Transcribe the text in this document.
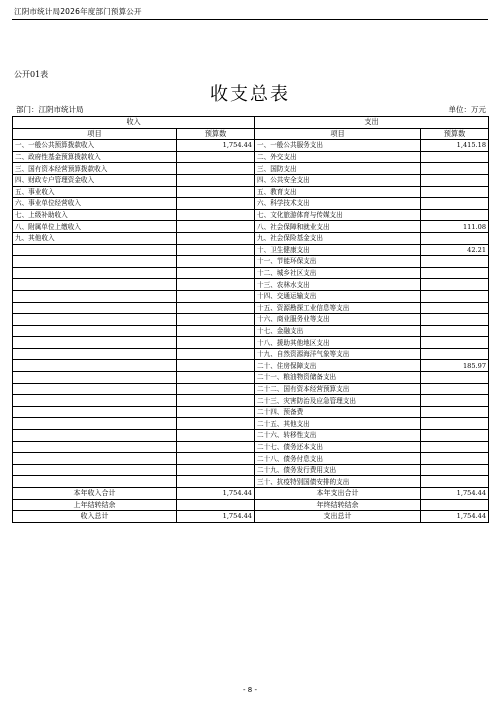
江阴市统计局2026年度部门预算公开
公开01表
收支总表
部门：江阴市统计局	单位：万元
收入		支出	
项目	预算数	项目	预算数
一、一般公共预算拨款收入	1,754.44	一、一般公共服务支出	1,415.18
二、政府性基金预算拨款收入		二、外交支出	
三、国有资本经营预算拨款收入		三、国防支出	
四、财政专户管理资金收入		四、公共安全支出	
五、事业收入		五、教育支出	
六、事业单位经营收入		六、科学技术支出	
七、上级补助收入		七、文化旅游体育与传媒支出	
八、附属单位上缴收入		八、社会保障和就业支出	111.08
九、其他收入		九、社会保险基金支出	
		十、卫生健康支出	42.21
		十一、节能环保支出	
		十二、城乡社区支出	
		十三、农林水支出	
		十四、交通运输支出	
		十五、资源勘探工业信息等支出	
		十六、商业服务业等支出	
		十七、金融支出	
		十八、援助其他地区支出	
		十九、自然资源海洋气象等支出	
		二十、住房保障支出	185.97
		二十一、粮油物资储备支出	
		二十二、国有资本经营预算支出	
		二十三、灾害防治及应急管理支出	
		二十四、预备费	
		二十五、其他支出	
		二十六、转移性支出	
		二十七、债务还本支出	
		二十八、债务付息支出	
		二十九、债务发行费用支出	
		三十、抗疫特别国债安排的支出	
本年收入合计	1,754.44	本年支出合计	1,754.44
上年结转结余		年终结转结余	
收入总计	1,754.44	支出总计	1,754.44
- 8 -
